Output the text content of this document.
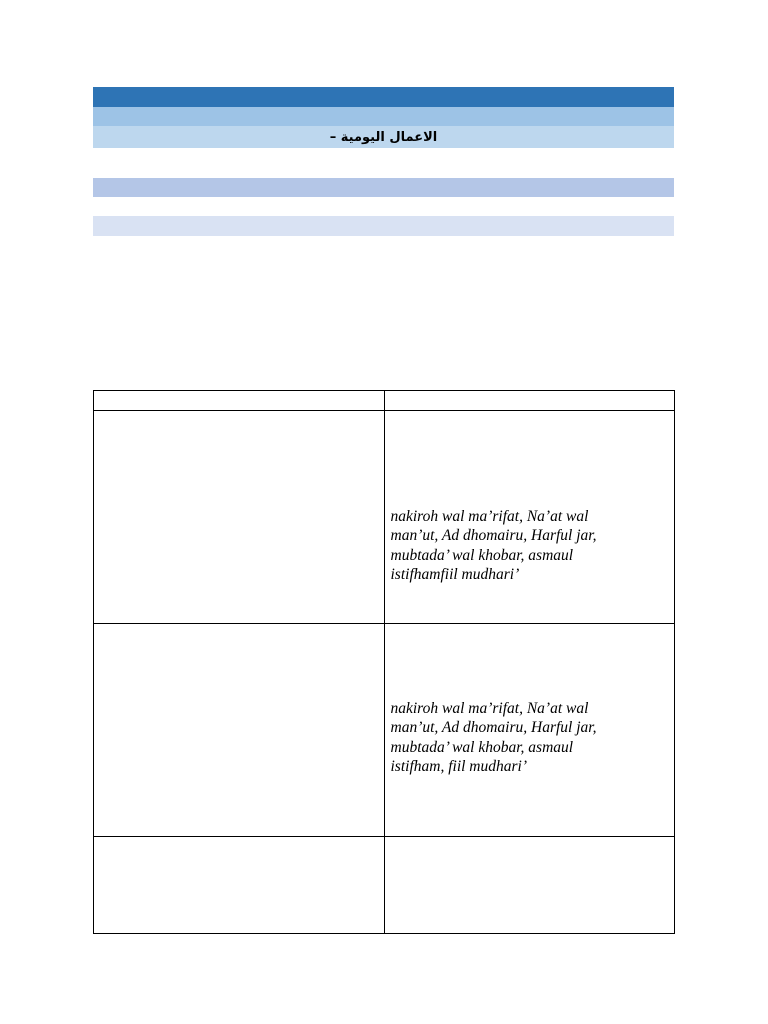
الاعمال اليومية –

	nakiroh wal ma’rifat, Na’at wal
man’ut, Ad dhomairu, Harful jar,
mubtada’ wal khobar, asmaul
istifhamfiil mudhari’

	nakiroh wal ma’rifat, Na’at wal
man’ut, Ad dhomairu, Harful jar,
mubtada’ wal khobar, asmaul
istifham, fiil mudhari’
